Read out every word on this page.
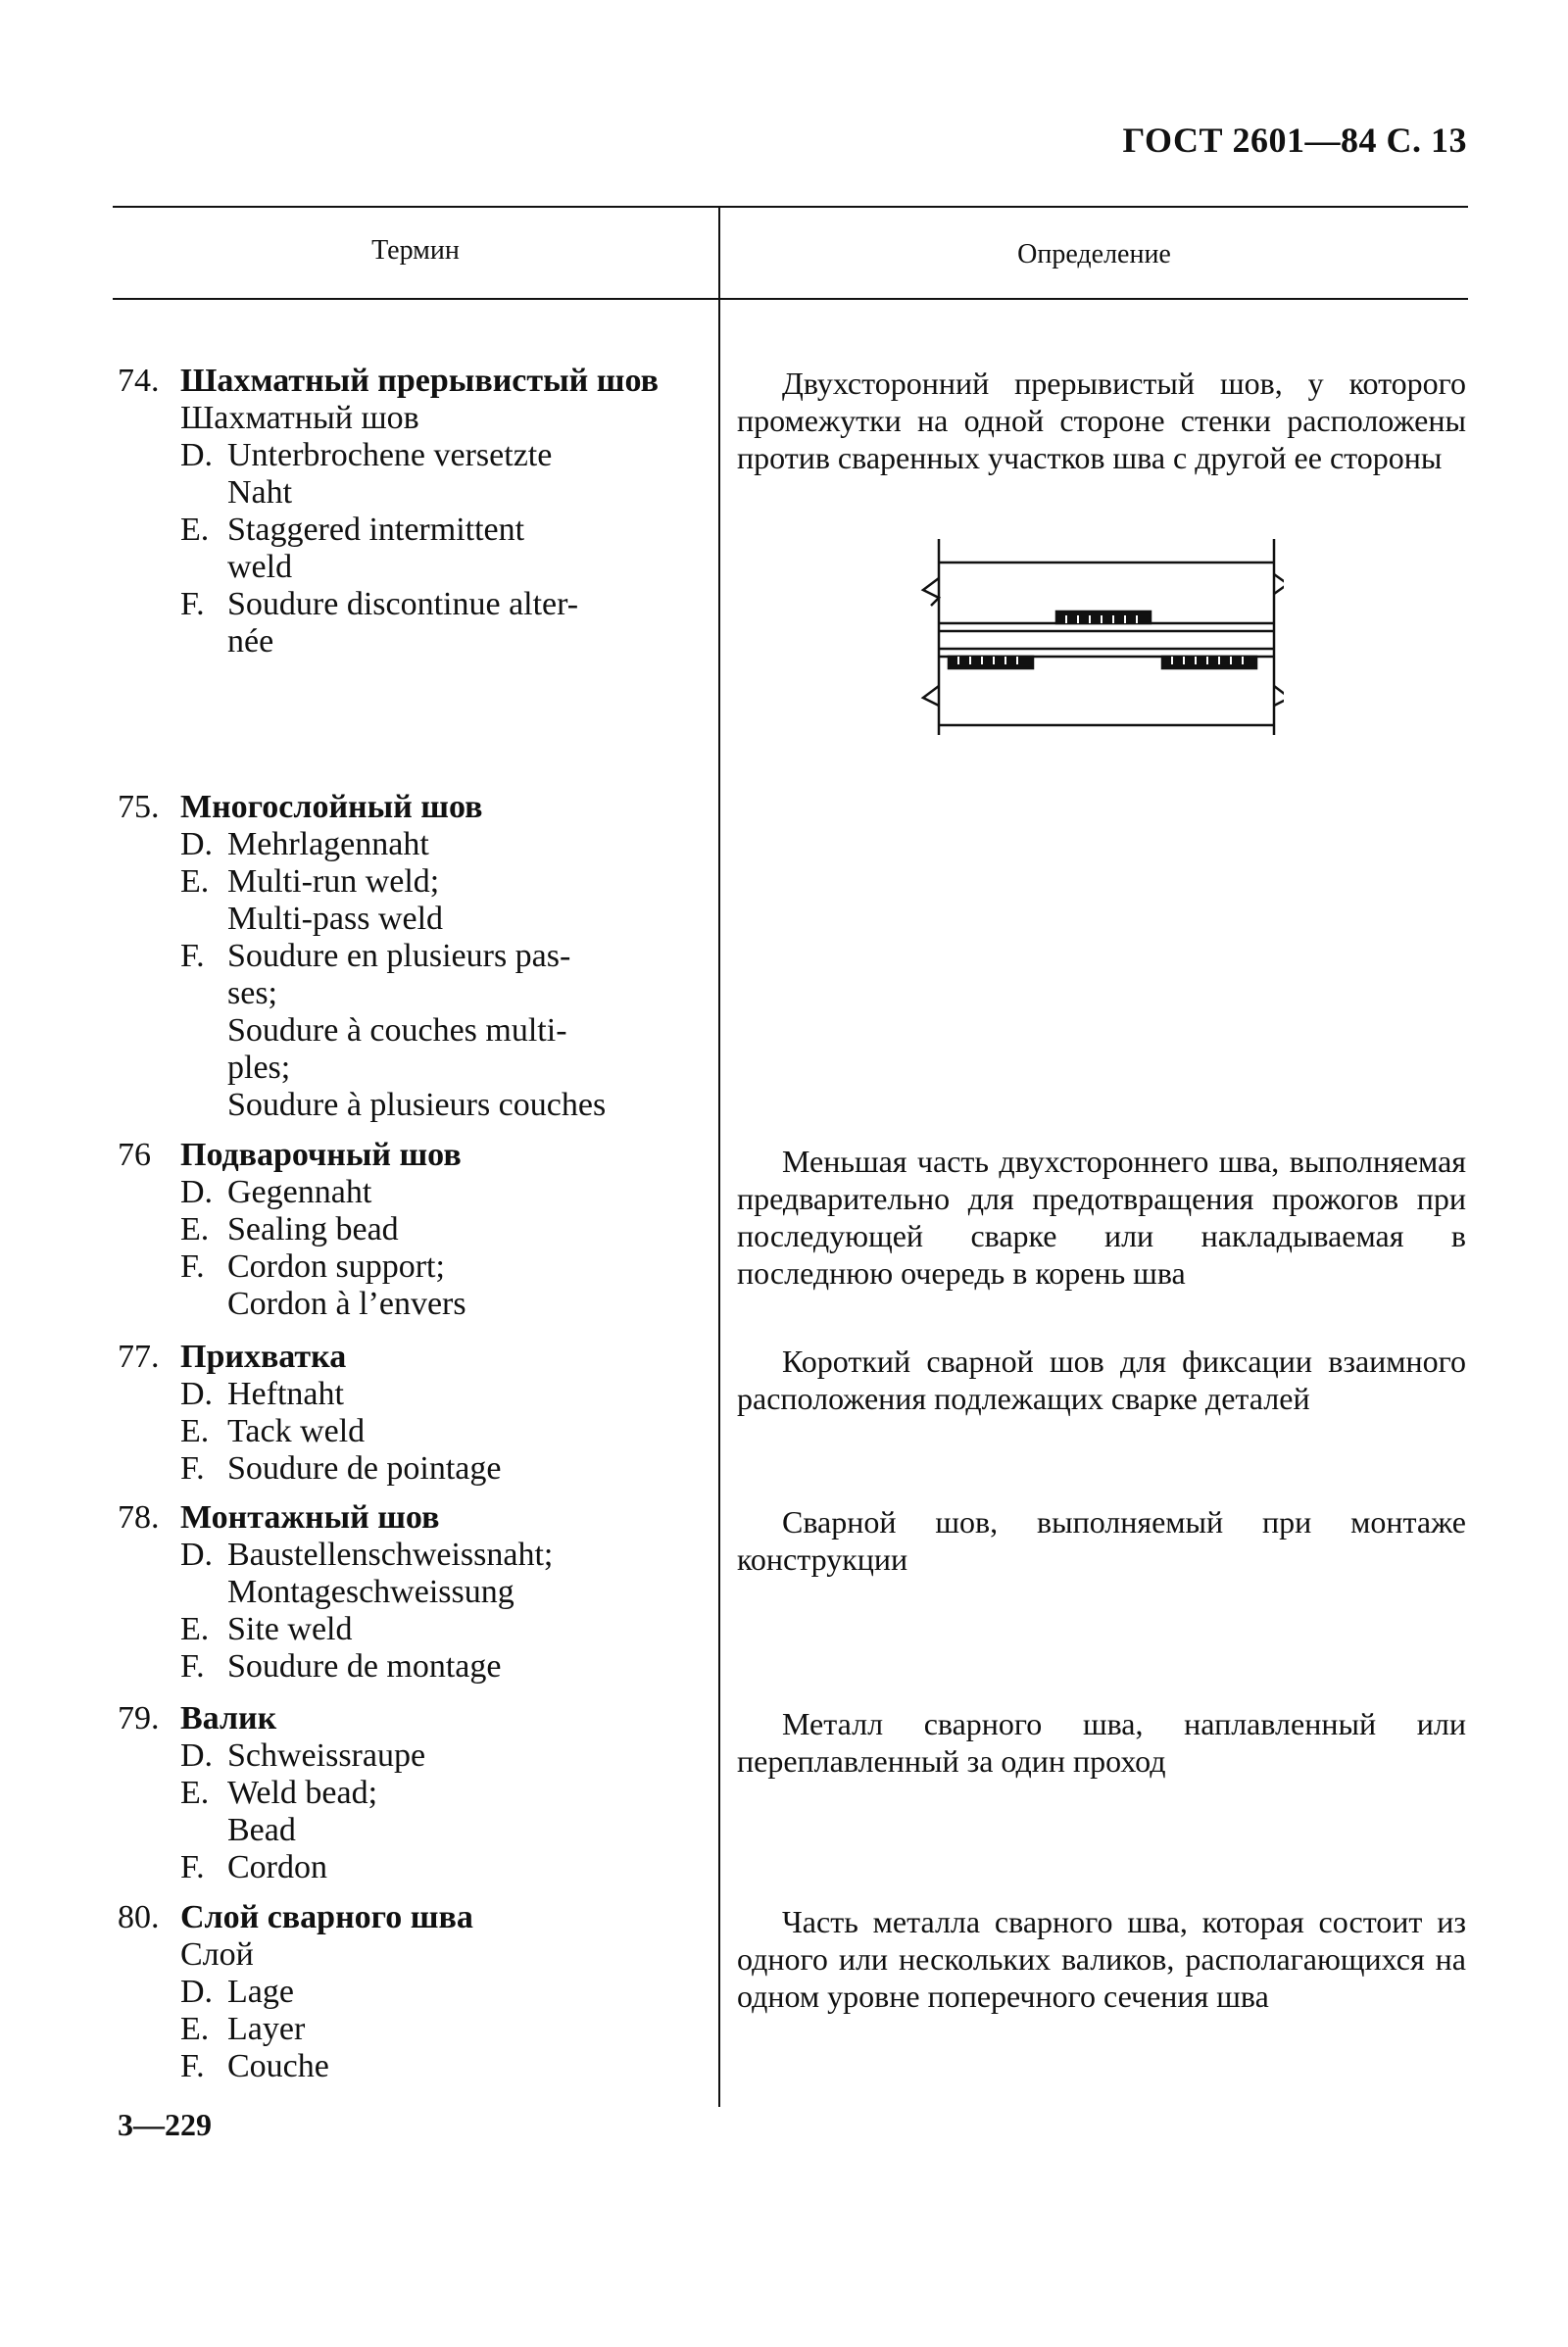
ГОСТ 2601—84 С. 13
Термин	Определение
74. Шахматный прерывистый шов
Шахматный шов
D. Unterbrochene versetzte
Naht
E. Staggered intermittent
weld
F. Soudure discontinue alter-
née

Двухсторонний прерывистый шов, у которого промежутки на одной стороне стенки расположены против сваренных участков шва с другой ее стороны

75. Многослойный шов
D. Mehrlagennaht
E. Multi-run weld;
Multi-pass weld
F. Soudure en plusieurs pas-
ses;
Soudure à couches multi-
ples;
Soudure à plusieurs couches
76 Подварочный шов
D. Gegennaht
E. Sealing bead
F. Cordon support;
Cordon à l’envers

Меньшая часть двухстороннего шва, выполняемая предварительно для предотвращения прожогов при последующей сварке или накладываемая в последнюю очередь в корень шва

77. Прихватка
D. Heftnaht
E. Tack weld
F. Soudure de pointage

Короткий сварной шов для фиксации взаимного расположения подлежащих сварке деталей

78. Монтажный шов
D. Baustellenschweissnaht;
Montageschweissung
E. Site weld
F. Soudure de montage

Сварной шов, выполняемый при монтаже конструкции

79. Валик
D. Schweissraupe
E. Weld bead;
Bead
F. Cordon

Металл сварного шва, наплавленный или переплавленный за один проход

80. Слой сварного шва
Слой
D. Lage
E. Layer
F. Couche

Часть металла сварного шва, которая состоит из одного или нескольких валиков, располагающихся на одном уровне поперечного сечения шва

3—229
